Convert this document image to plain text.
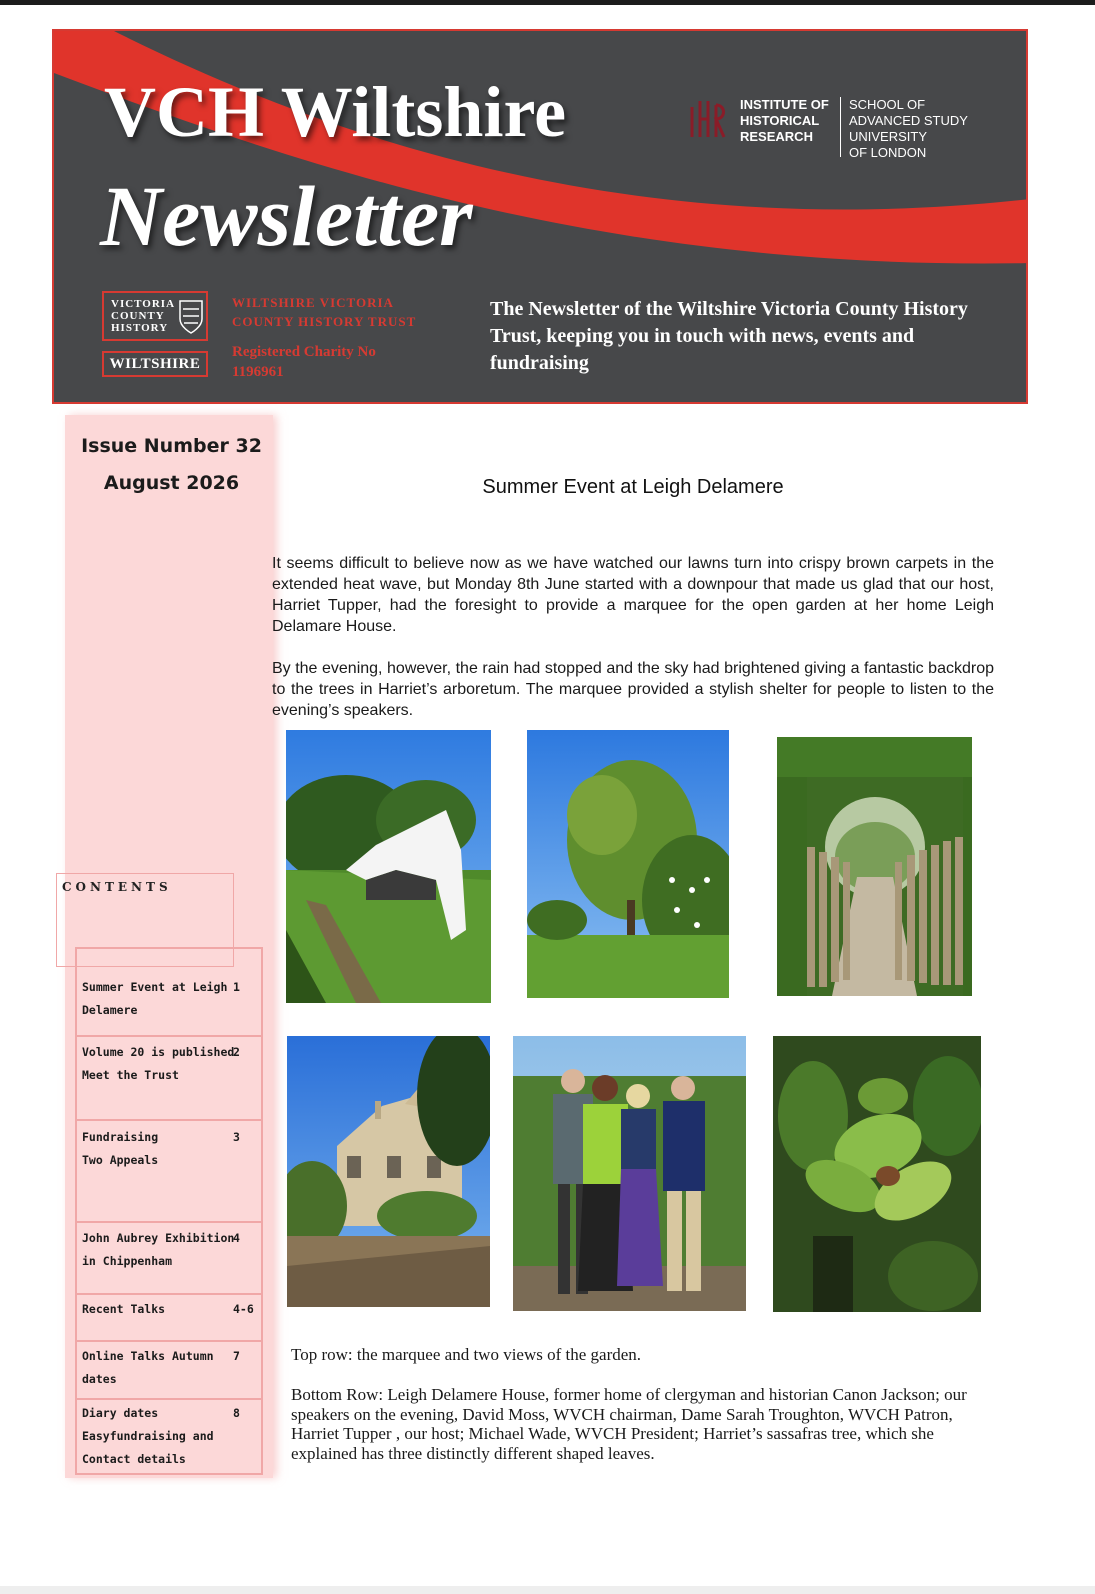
VCH Wiltshire
Newsletter
INSTITUTE OF
HISTORICAL
RESEARCH
SCHOOL OF
ADVANCED STUDY
UNIVERSITY
OF LONDON
VICTORIA
COUNTY
HISTORY
WILTSHIRE
WILTSHIRE VICTORIA
COUNTY HISTORY TRUST
Registered Charity No
1196961
The Newsletter of the Wiltshire Victoria County History Trust, keeping you in touch with news, events and fundraising
Issue Number 32
August 2026
CONTENTS
Summer Event at Leigh
Delamere
1
Volume 20 is published
Meet the Trust
2
Fundraising
Two Appeals
3
John Aubrey Exhibition
in Chippenham
4
Recent Talks	4-6
Online Talks Autumn
dates
7
Diary dates
Easyfundraising and
Contact details
8
Summer Event at Leigh Delamere
It seems difficult to believe now as we have watched our lawns turn into crispy brown carpets in the extended heat wave, but Monday 8th June started with a downpour that made us glad that our host, Harriet Tupper, had the foresight to provide a marquee for the open garden at her home Leigh Delamare House.
By the evening, however, the rain had stopped and the sky had brightened giving a fantastic backdrop to the trees in Harriet’s arboretum. The marquee provided a stylish shelter for people to listen to the evening’s speakers.
Top row: the marquee and two views of the garden.
Bottom Row: Leigh Delamere House, former home of clergyman and historian Canon Jackson; our speakers on the evening, David Moss, WVCH chairman, Dame Sarah Troughton, WVCH Patron, Harriet Tupper , our host; Michael Wade, WVCH President; Harriet’s sassafras tree, which she explained has three distinctly different shaped leaves.
